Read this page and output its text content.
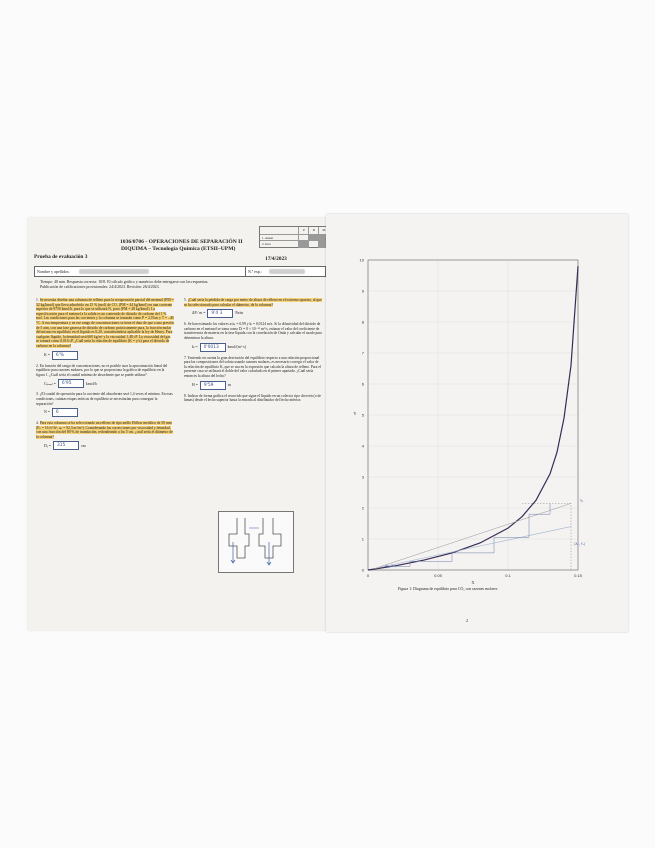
P	R	M
1. Ausen
2. Inco
1036/0706 - OPERACIONES DE SEPARACIÓN II
DIQUIMA – Tecnología Química (ETSII–UPM)
Prueba de evaluación 3	17/4/2023
Nombre y apellidos:	N.º exp.:
Tiempo: 40 min. Respuesta correcta: 10/8. El cálculo gráfico y numérico debe entregarse con las respuestas.
Publicación de calificaciones provisionales: 24/4/2023. Revisión: 26/4/2023.
1. Se necesita diseñar una columna de relleno para la recuperación parcial del metanol (PM = 32 kg/kmol) que lleva adsorbido un 15 % (mol) de CO₂ (PM = 44 kg/kmol) en una corriente superior de 9750 kmol/h, para lo que se utilizará N₂ puro (PM = 28 kg/kmol). La especificación para el metanol a la salida es un contenido de dióxido de carbono del 1 % mol. Las condiciones para las corrientes y la columna se tomarán como P = 2,0 bar y T = –40 °C. A esa temperatura y en ese rango de concentraciones se tiene el dato de que a una presión de 5 atm, con una fase gaseosa de dióxido de carbono prácticamente pura, la fracción molar del mismo en equilibrio en el líquido es 0,20, considerándose aplicable la ley de Henry. Para cualquier líquido, la densidad será 660 kg/m³ y la viscosidad 1,48 cP. La viscosidad del gas se tomará como 0,016 cP. ¿Cuál sería la relación de equilibrio (K = y/x) para el dióxido de carbono en la columna?
K =	6'%
2. En función del rango de concentraciones, no es posible usar la aproximación lineal del equilibrio para razones molares, por lo que se proporciona la gráfica de equilibrio en la figura 1. ¿Cuál sería el caudal mínimo de absorbente que se puede utilizar?
Gₗ,ₘᵢₙ =	6'95	kmol/h
3. ¿El caudal de operación para la corriente del absorbente será 1,4 veces el mínimo. En esas condiciones, cuántas etapas teóricas de equilibrio se necesitarían para conseguir la separación?
N =	6
4. Para esta columna se ha seleccionado un relleno de tipo anillo Hiflow metálico de 50 mm (Fₚ = 16 ft²/ft³, aₚ = 92,3 m²/m³). Considerando las correcciones por viscosidad y densidad, con una fracción del 80 % de inundación, redondeando a los 5 cm, ¿cuál sería el diámetro de la columna?
Dₜ =	315	cm
5. ¿Cuál sería la pérdida de carga por metro de altura de relleno en el extremo opuesto, al que se ha seleccionado para calcular el diámetro, de la columna?
ΔP / m =	9'4 3	Pa/m
6. Se han estimado los valores a/aₚ = 0,99 y kₗ = 0,0124 m/s. Si la difusividad del dióxido de carbono en el metanol se toma como Dₗ = 8 × 10⁻¹⁰ m²/s, estimar el valor del coeficiente de transferencia de materia en la fase líquida con la correlación de Onda y calcular el usado para determinar la altura.
kₗ =	0'0013	kmol/(m²·s)
7. Teniendo en cuenta la gran desviación del equilibrio respecto a una relación proporcional para las composiciones del soluto usando razones molares, es necesario corregir el valor de la relación de equilibrio K, que se usa en la expresión que calcula la altura de relleno. Para el presente caso se utilizará el doble del valor calculado en el primer apartado. ¿Cuál sería entonces la altura del lecho?
H =	9'59	m
8. Indicar de forma gráfica el recorrido que sigue el líquido en un colector tipo chevrón (o de lamas) desde el lecho superior hasta la entrada al distribuidor del lecho inferior.
0
1
2
3
4
5
6
7
8
9
10
0	0.05	0.1	0.15
X
Y
(x₁, Y₂)
Y₁
(Xₑ, Yₑ)
Figura 1: Diagrama de equilibrio para CO₂ con razones molares
2
